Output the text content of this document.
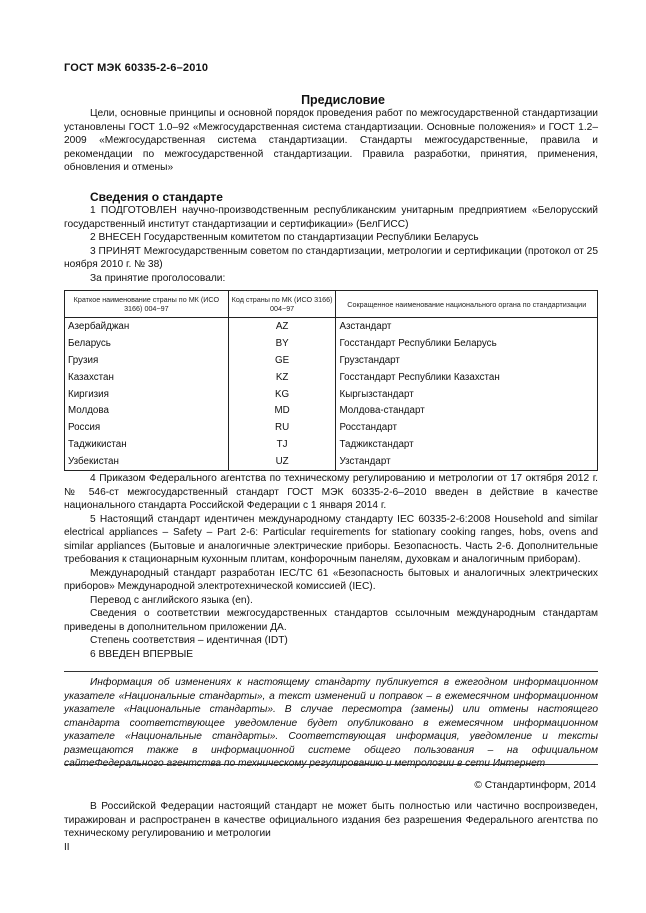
ГОСТ МЭК 60335-2-6–2010
Предисловие

Цели, основные принципы и основной порядок проведения работ по межгосударственной стандартизации установлены ГОСТ 1.0–92 «Межгосударственная система стандартизации. Основные положения» и ГОСТ 1.2–2009 «Межгосударственная система стандартизации. Стандарты межгосударственные, правила и рекомендации по межгосударственной стандартизации. Правила разработки, принятия, применения, обновления и отмены»

Сведения о стандарте

1 ПОДГОТОВЛЕН научно-производственным республиканским унитарным предприятием «Белорусский государственный институт стандартизации и сертификации» (БелГИСС)

2 ВНЕСЕН Государственным комитетом по стандартизации Республики Беларусь

3 ПРИНЯТ Межгосударственным советом по стандартизации, метрологии и сертификации (протокол от 25 ноября 2010 г. № 38)

За принятие проголосовали:

Краткое наименование страны по МК (ИСО 3166) 004−97	Код страны по МК (ИСО 3166) 004−97	Сокращенное наименование национального органа по стандартизации
Азербайджан	AZ	Азстандарт
Беларусь	BY	Госстандарт Республики Беларусь
Грузия	GE	Грузстандарт
Казахстан	KZ	Госстандарт Республики Казахстан
Киргизия	KG	Кыргызстандарт
Молдова	MD	Молдова-стандарт
Россия	RU	Росстандарт
Таджикистан	TJ	Таджикстандарт
Узбекистан	UZ	Узстандарт

4 Приказом Федерального агентства по техническому регулированию и метрологии от 17 октября 2012 г. № 546-ст межгосударственный стандарт ГОСТ МЭК 60335-2-6–2010 введен в действие в качестве национального стандарта Российской Федерации с 1 января 2014 г.

5 Настоящий стандарт идентичен международному стандарту IEC 60335-2-6:2008 Household and similar electrical appliances – Safety – Part 2-6: Particular requirements for stationary cooking ranges, hobs, ovens and similar appliances (Бытовые и аналогичные электрические приборы. Безопасность. Часть 2-6. Дополнительные требования к стационарным кухонным плитам, конфорочным панелям, духовкам и аналогичным приборам).

Международный стандарт разработан IEC/TC 61 «Безопасность бытовых и аналогичных электрических приборов» Международной электротехнической комиссией (IEC).

Перевод с английского языка (en).

Сведения о соответствии межгосударственных стандартов ссылочным международным стандартам приведены в дополнительном приложении ДА.

Степень соответствия – идентичная (IDT)

6 ВВЕДЕН ВПЕРВЫЕ

Информация об изменениях к настоящему стандарту публикуется в ежегодном информационном указателе «Национальные стандарты», а текст изменений и поправок – в ежемесячном информационном указателе «Национальные стандарты». В случае пересмотра (замены) или отмены настоящего стандарта соответствующее уведомление будет опубликовано в ежемесячном информационном указателе «Национальные стандарты». Соответствующая информация, уведомление и тексты размещаются также в информационной системе общего пользования – на официальном сайтеФедерального агентства по техническому регулированию и метрологии в сети Интернет

© Стандартинформ, 2014

В Российской Федерации настоящий стандарт не может быть полностью или частично воспроизведен, тиражирован и распространен в качестве официального издания без разрешения Федерального агентства по техническому регулированию и метрологии

II
